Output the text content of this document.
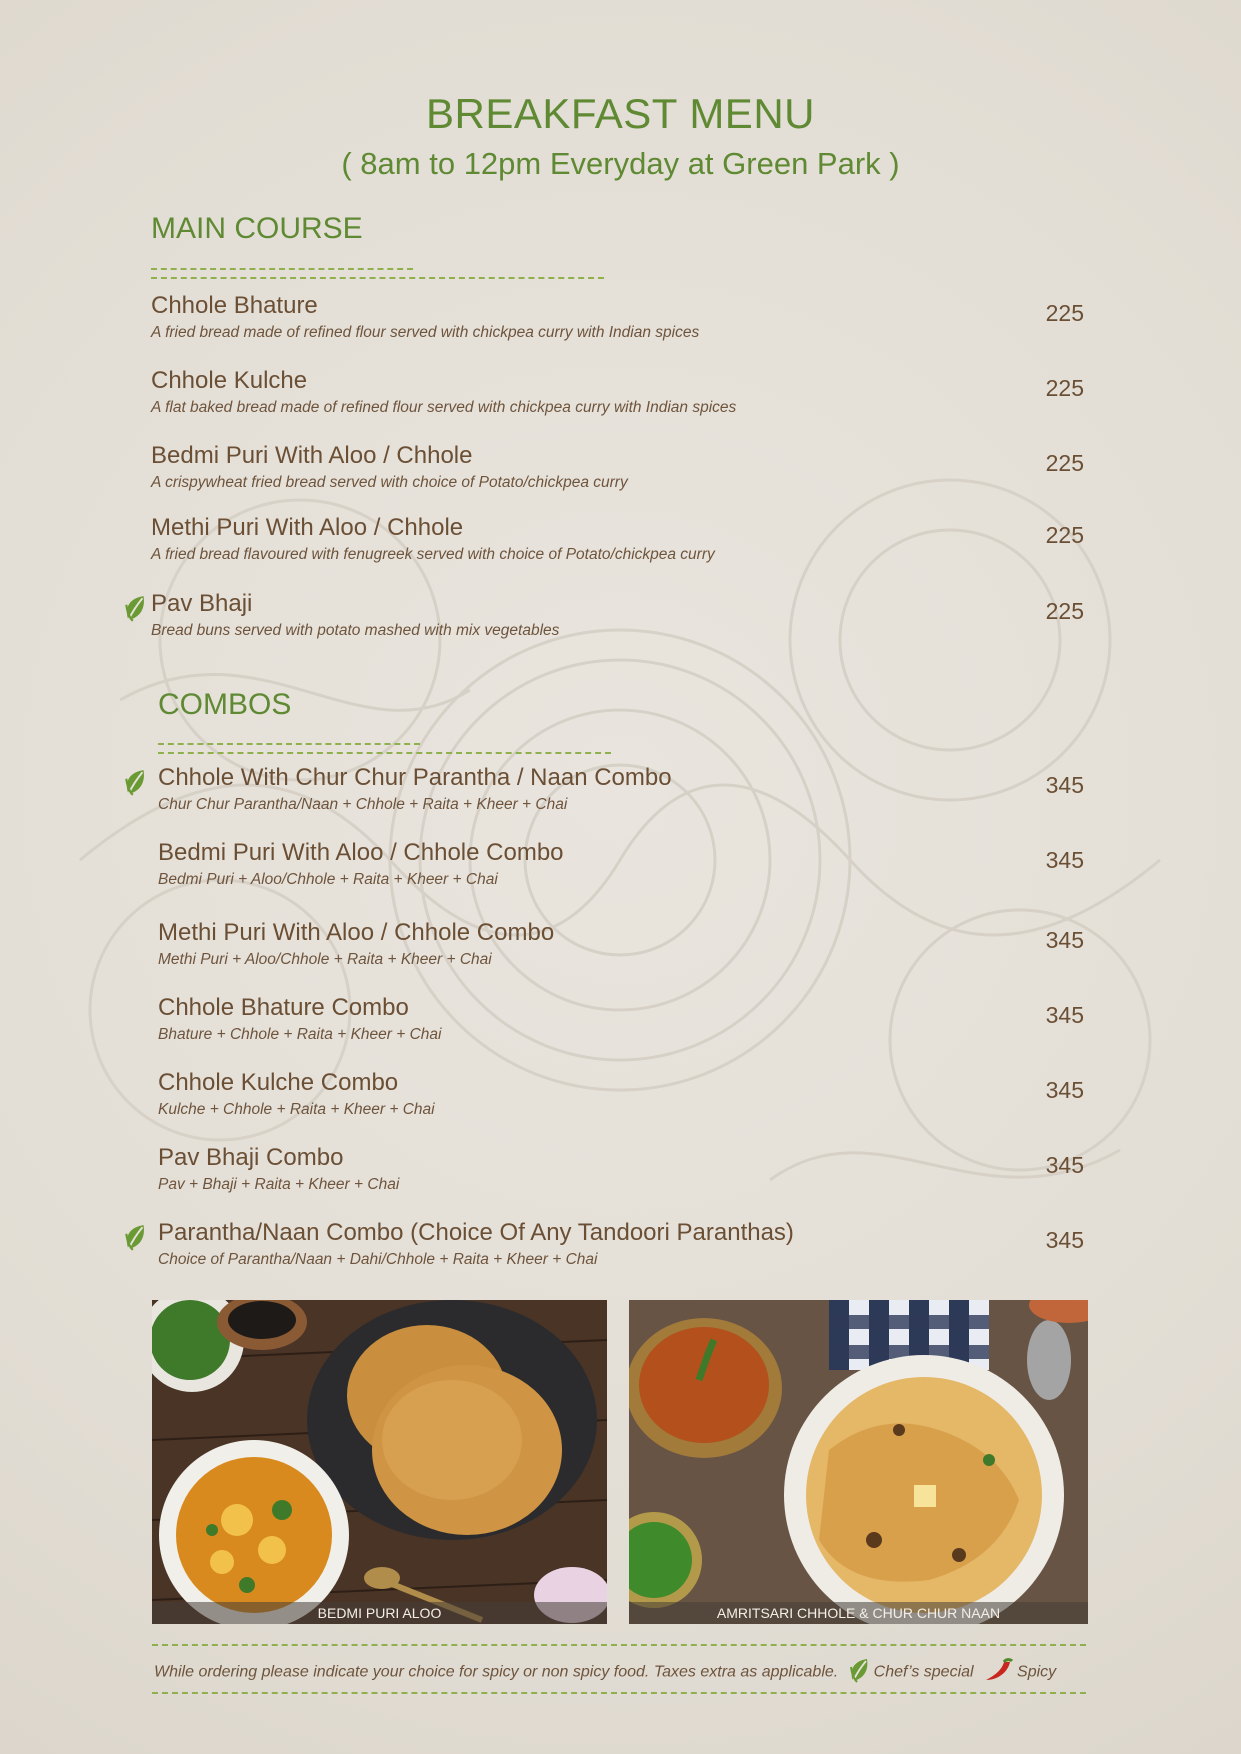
BREAKFAST MENU
( 8am to 12pm Everyday at Green Park )
MAIN COURSE
Chhole Bhature
A fried bread made of refined flour served with chickpea curry with Indian spices
225
Chhole Kulche
A flat baked bread made of refined flour served with chickpea curry with Indian spices
225
Bedmi Puri With Aloo / Chhole
A crispywheat fried bread served with choice of Potato/chickpea curry
225
Methi Puri With Aloo / Chhole
A fried bread flavoured with fenugreek served with choice of Potato/chickpea curry
225
Pav Bhaji
Bread buns served with potato mashed with mix vegetables
225
COMBOS
Chhole With Chur Chur Parantha / Naan Combo
Chur Chur Parantha/Naan + Chhole + Raita + Kheer + Chai
345
Bedmi Puri With Aloo / Chhole Combo
Bedmi Puri + Aloo/Chhole + Raita + Kheer + Chai
345
Methi Puri With Aloo / Chhole Combo
Methi Puri + Aloo/Chhole + Raita + Kheer + Chai
345
Chhole Bhature Combo
Bhature + Chhole + Raita + Kheer + Chai
345
Chhole Kulche Combo
Kulche + Chhole + Raita + Kheer + Chai
345
Pav Bhaji Combo
Pav + Bhaji + Raita + Kheer + Chai
345
Parantha/Naan Combo (Choice Of Any Tandoori Paranthas)
Choice of Parantha/Naan + Dahi/Chhole + Raita + Kheer + Chai
345
BEDMI PURI ALOO	AMRITSARI CHHOLE & CHUR CHUR NAAN
While ordering please indicate your choice for spicy or non spicy food. Taxes extra as applicable. Chef’s special	Spicy
